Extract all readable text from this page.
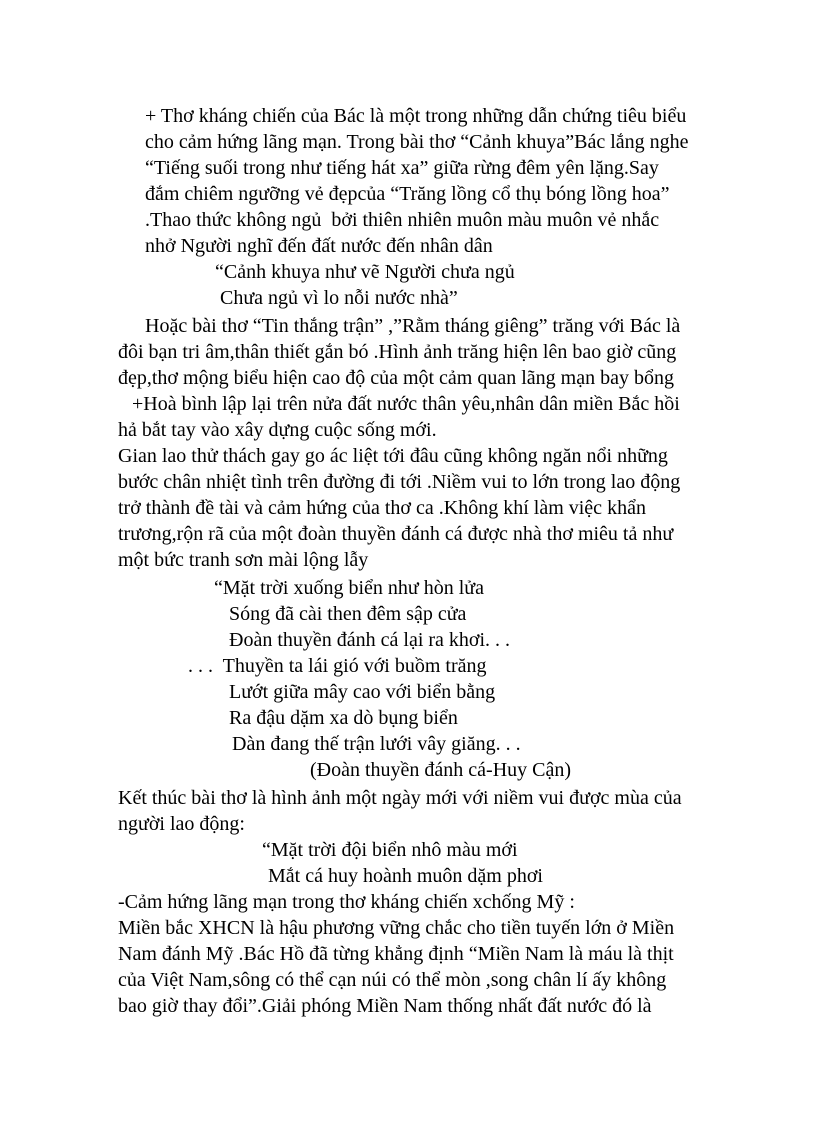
+ Thơ kháng chiến của Bác là một trong những dẫn chứng tiêu biểu
cho cảm hứng lãng mạn. Trong bài thơ “Cảnh khuya”Bác lắng nghe
“Tiếng suối trong như tiếng hát xa” giữa rừng đêm yên lặng.Say
đắm chiêm ngưỡng vẻ đẹpcủa “Trăng lồng cổ thụ bóng lồng hoa”
.Thao thức không ngủ  bởi thiên nhiên muôn màu muôn vẻ nhắc
nhở Người nghĩ đến đất nước đến nhân dân
“Cảnh khuya như vẽ Người chưa ngủ
Chưa ngủ vì lo nỗi nước nhà”
Hoặc bài thơ “Tin thắng trận” ,”Rằm tháng giêng” trăng với Bác là
đôi bạn tri âm,thân thiết gắn bó .Hình ảnh trăng hiện lên bao giờ cũng
đẹp,thơ mộng biểu hiện cao độ của một cảm quan lãng mạn bay bổng
+Hoà bình lập lại trên nửa đất nước thân yêu,nhân dân miền Bắc hồi
hả bắt tay vào xây dựng cuộc sống mới.
Gian lao thử thách gay go ác liệt tới đâu cũng không ngăn nổi những
bước chân nhiệt tình trên đường đi tới .Niềm vui to lớn trong lao động
trở thành đề tài và cảm hứng của thơ ca .Không khí làm việc khẩn
trương,rộn rã của một đoàn thuyền đánh cá được nhà thơ miêu tả như
một bức tranh sơn mài lộng lẫy
“Mặt trời xuống biển như hòn lửa
Sóng đã cài then đêm sập cửa
Đoàn thuyền đánh cá lại ra khơi. . .
. . .  Thuyền ta lái gió với buồm trăng
Lướt giữa mây cao với biển bằng
Ra đậu dặm xa dò bụng biển
Dàn đang thế trận lưới vây giăng. . .
(Đoàn thuyền đánh cá-Huy Cận)
Kết thúc bài thơ là hình ảnh một ngày mới với niềm vui được mùa của
người lao động:
“Mặt trời đội biển nhô màu mới
Mắt cá huy hoành muôn dặm phơi
-Cảm hứng lãng mạn trong thơ kháng chiến xchống Mỹ :
Miền bắc XHCN là hậu phương vững chắc cho tiền tuyến lớn ở Miền
Nam đánh Mỹ .Bác Hồ đã từng khẳng định “Miền Nam là máu là thịt
của Việt Nam,sông có thể cạn núi có thể mòn ,song chân lí ấy không
bao giờ thay đổi”.Giải phóng Miền Nam thống nhất đất nước đó là
